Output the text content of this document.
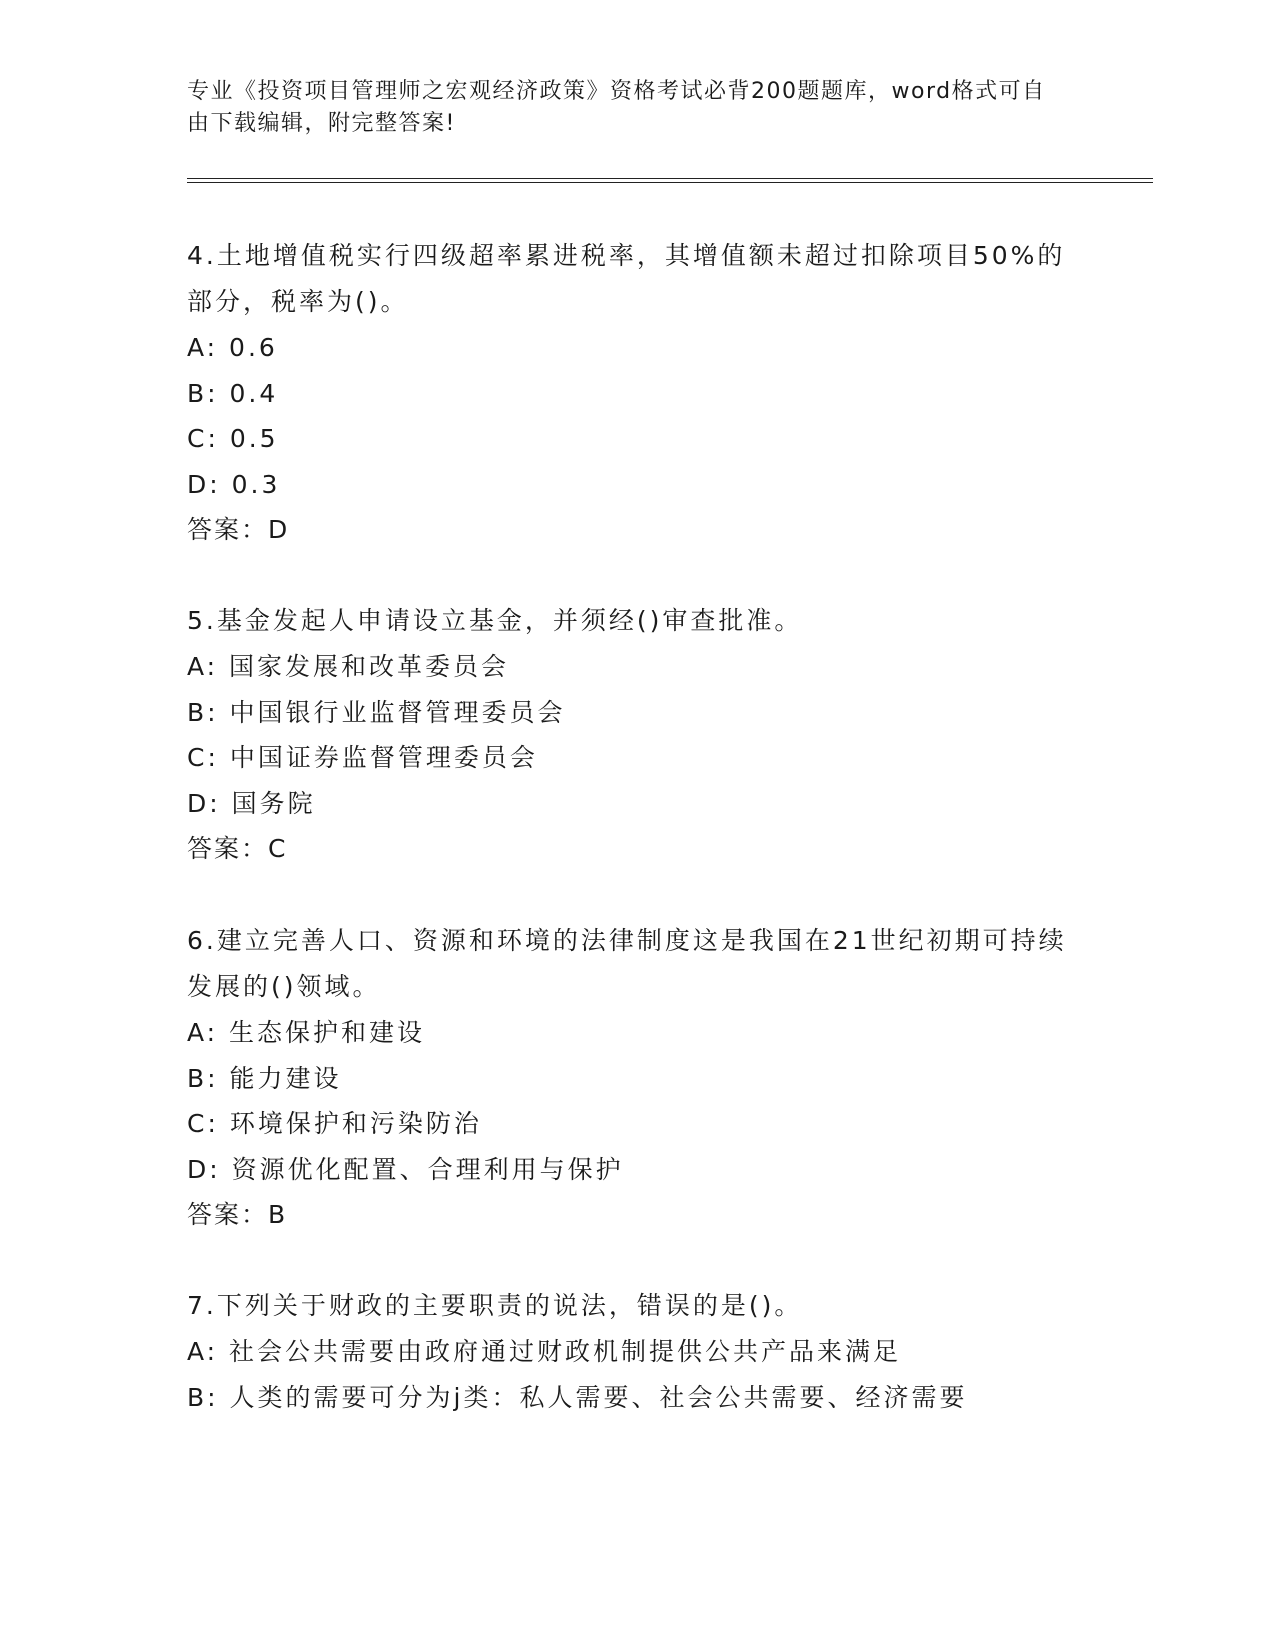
专业《投资项目管理师之宏观经济政策》资格考试必背200题题库，word格式可自由下载编辑，附完整答案!
4.土地增值税实行四级超率累进税率，其增值额未超过扣除项目50%的部分，税率为()。
A: 0.6
B: 0.4
C: 0.5
D: 0.3
答案：D
5.基金发起人申请设立基金，并须经()审查批准。
A: 国家发展和改革委员会
B: 中国银行业监督管理委员会
C: 中国证券监督管理委员会
D: 国务院
答案：C
6.建立完善人口、资源和环境的法律制度这是我国在21世纪初期可持续发展的()领域。
A: 生态保护和建设
B: 能力建设
C: 环境保护和污染防治
D: 资源优化配置、合理利用与保护
答案：B
7.下列关于财政的主要职责的说法，错误的是()。
A: 社会公共需要由政府通过财政机制提供公共产品来满足
B: 人类的需要可分为j类：私人需要、社会公共需要、经济需要
